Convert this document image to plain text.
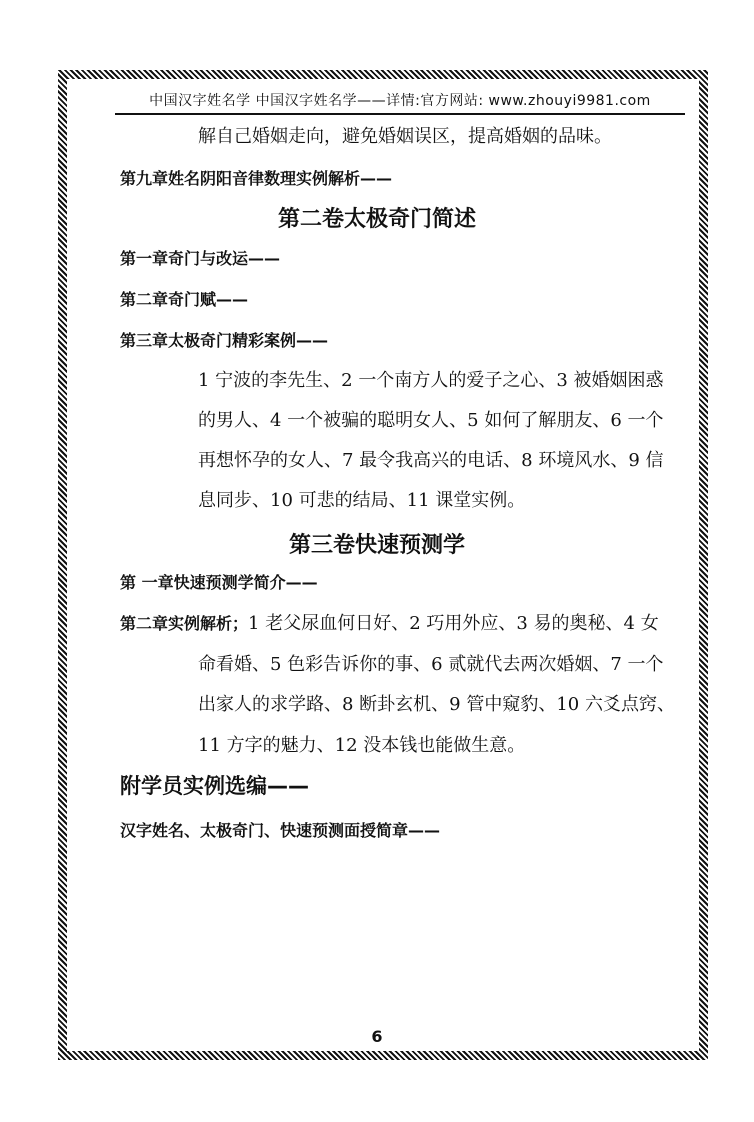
中国汉字姓名学 中国汉字姓名学——详情:官方网站: www.zhouyi9981.com
解自己婚姻走向，避免婚姻误区，提高婚姻的品味。
第九章姓名阴阳音律数理实例解析——
第二卷太极奇门简述
第一章奇门与改运——
第二章奇门赋——
第三章太极奇门精彩案例——
1 宁波的李先生、2 一个南方人的爱子之心、3 被婚姻困惑
的男人、4 一个被骗的聪明女人、5 如何了解朋友、6 一个
再想怀孕的女人、7 最令我高兴的电话、8 环境风水、9 信
息同步、10 可悲的结局、11 课堂实例。
第三卷快速预测学
第 一章快速预测学简介——
第二章实例解析；1 老父尿血何日好、2 巧用外应、3 易的奥秘、4 女
命看婚、5 色彩告诉你的事、6 贰就代去两次婚姻、7 一个
出家人的求学路、8 断卦玄机、9 管中窥豹、10 六爻点窍、
11 方字的魅力、12 没本钱也能做生意。
附学员实例选编——
汉字姓名、太极奇门、快速预测面授简章——
6
